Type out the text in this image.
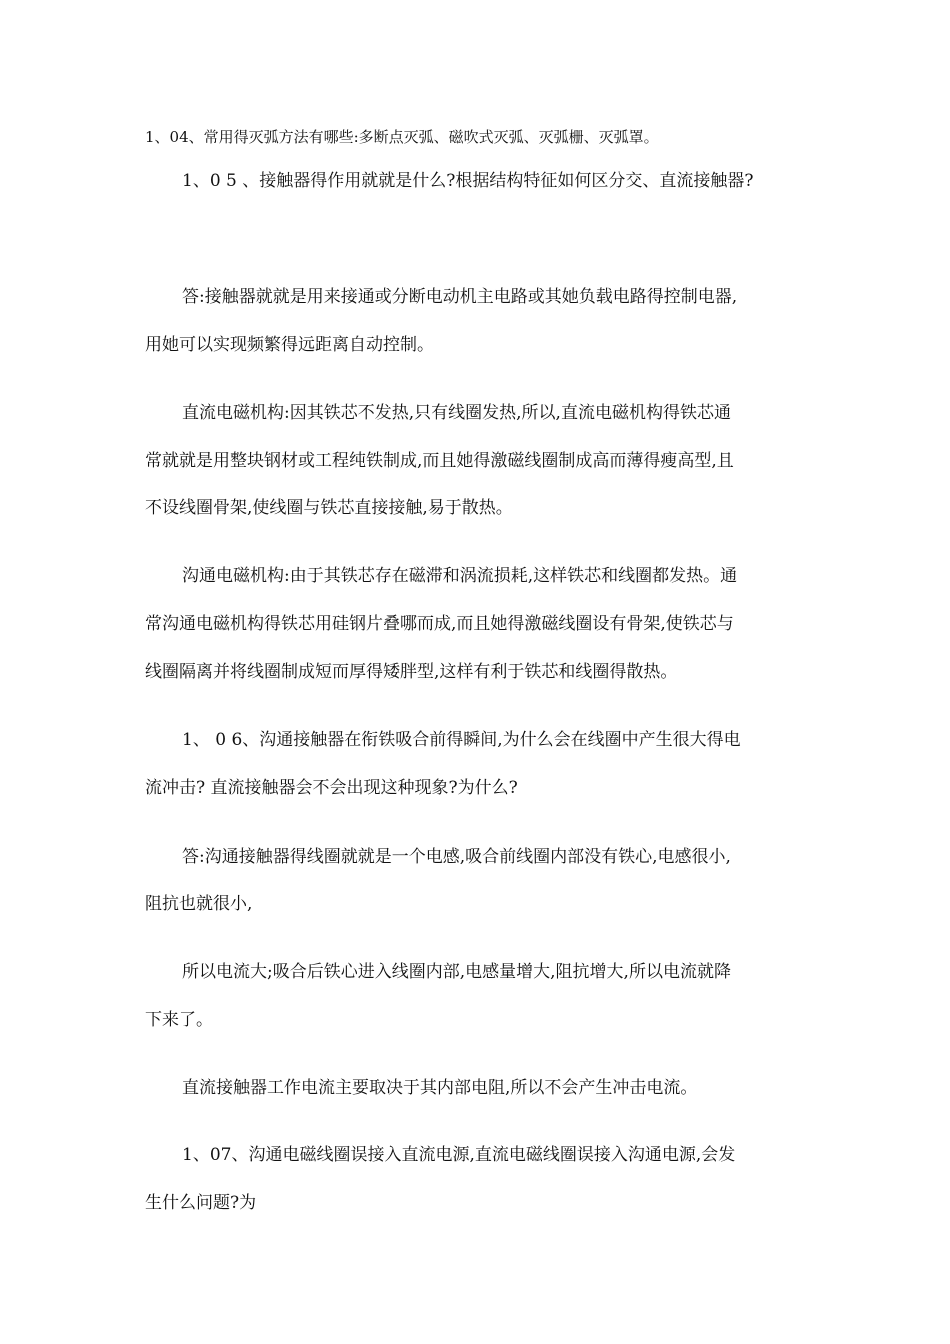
1、04、常用得灭弧方法有哪些:多断点灭弧、磁吹式灭弧、灭弧栅、灭弧罩。
1、0 5 、接触器得作用就就是什么?根据结构特征如何区分交、直流接触器?
答:接触器就就是用来接通或分断电动机主电路或其她负载电路得控制电器,
用她可以实现频繁得远距离自动控制。
直流电磁机构:因其铁芯不发热,只有线圈发热,所以,直流电磁机构得铁芯通
常就就是用整块钢材或工程纯铁制成,而且她得激磁线圈制成高而薄得瘦高型,且
不设线圈骨架,使线圈与铁芯直接接触,易于散热。
沟通电磁机构:由于其铁芯存在磁滞和涡流损耗,这样铁芯和线圈都发热。通
常沟通电磁机构得铁芯用硅钢片叠哪而成,而且她得激磁线圈设有骨架,使铁芯与
线圈隔离并将线圈制成短而厚得矮胖型,这样有利于铁芯和线圈得散热。
1、 0 6、沟通接触器在衔铁吸合前得瞬间,为什么会在线圈中产生很大得电
流冲击? 直流接触器会不会出现这种现象?为什么?
答:沟通接触器得线圈就就是一个电感,吸合前线圈内部没有铁心,电感很小,
阻抗也就很小,
所以电流大;吸合后铁心进入线圈内部,电感量增大,阻抗增大,所以电流就降
下来了。
直流接触器工作电流主要取决于其内部电阻,所以不会产生冲击电流。
1、07、沟通电磁线圈误接入直流电源,直流电磁线圈误接入沟通电源,会发
生什么问题?为
